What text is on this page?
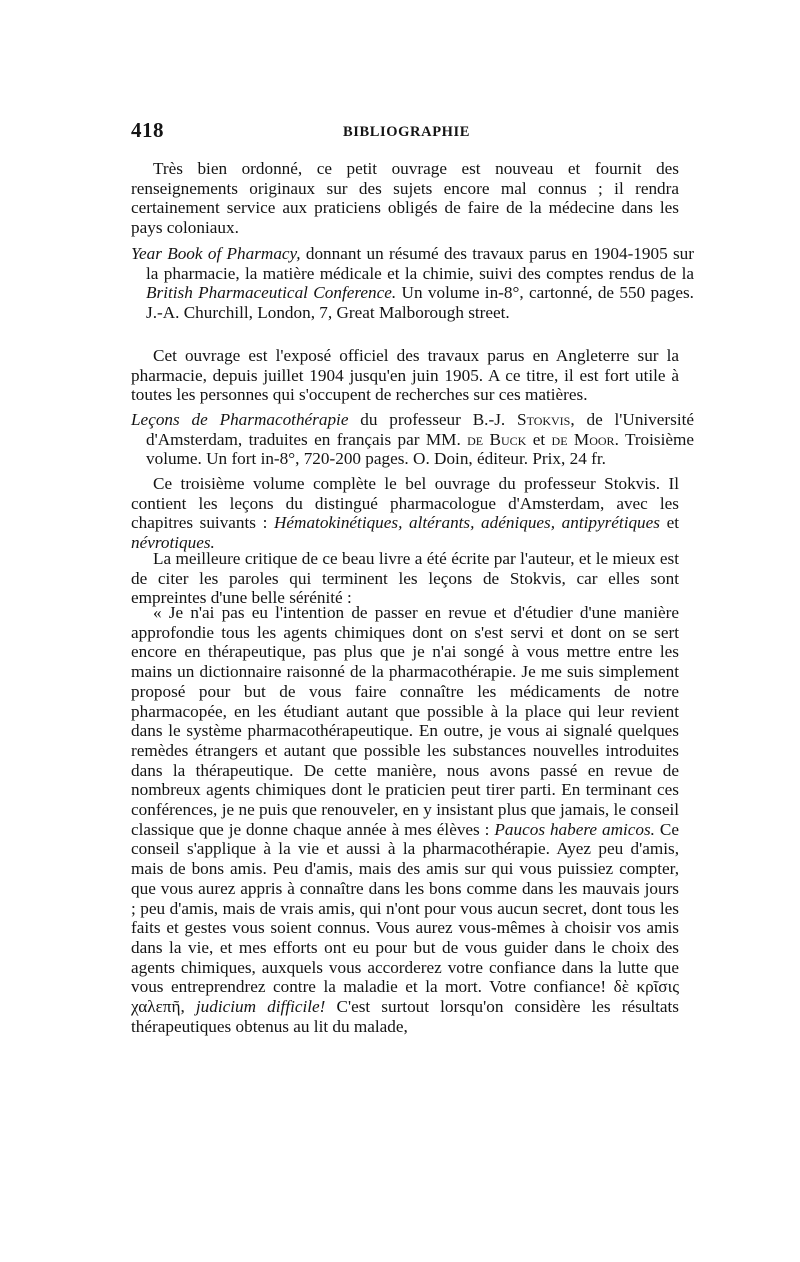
418	BIBLIOGRAPHIE

Très bien ordonné, ce petit ouvrage est nouveau et fournit des renseignements originaux sur des sujets encore mal connus ; il rendra certainement service aux praticiens obligés de faire de la médecine dans les pays coloniaux.

Year Book of Pharmacy, donnant un résumé des travaux parus en 1904-1905 sur la pharmacie, la matière médicale et la chimie, suivi des comptes rendus de la British Pharmaceutical Conference. Un volume in-8°, cartonné, de 550 pages. J.-A. Churchill, London, 7, Great Malborough street.

Cet ouvrage est l'exposé officiel des travaux parus en Angleterre sur la pharmacie, depuis juillet 1904 jusqu'en juin 1905. A ce titre, il est fort utile à toutes les personnes qui s'occupent de recherches sur ces matières.

Leçons de Pharmacothérapie du professeur B.-J. Stokvis, de l'Université d'Amsterdam, traduites en français par MM. de Buck et de Moor. Troisième volume. Un fort in-8°, 720-200 pages. O. Doin, éditeur. Prix, 24 fr.

Ce troisième volume complète le bel ouvrage du professeur Stokvis. Il contient les leçons du distingué pharmacologue d'Amsterdam, avec les chapitres suivants : Hématokinétiques, altérants, adéniques, antipyrétiques et névrotiques.

La meilleure critique de ce beau livre a été écrite par l'auteur, et le mieux est de citer les paroles qui terminent les leçons de Stokvis, car elles sont empreintes d'une belle sérénité :

« Je n'ai pas eu l'intention de passer en revue et d'étudier d'une manière approfondie tous les agents chimiques dont on s'est servi et dont on se sert encore en thérapeutique, pas plus que je n'ai songé à vous mettre entre les mains un dictionnaire raisonné de la pharmacothérapie. Je me suis simplement proposé pour but de vous faire connaître les médicaments de notre pharmacopée, en les étudiant autant que possible à la place qui leur revient dans le système pharmacothérapeutique. En outre, je vous ai signalé quelques remèdes étrangers et autant que possible les substances nouvelles introduites dans la thérapeutique. De cette manière, nous avons passé en revue de nombreux agents chimiques dont le praticien peut tirer parti. En terminant ces conférences, je ne puis que renouveler, en y insistant plus que jamais, le conseil classique que je donne chaque année à mes élèves : Paucos habere amicos. Ce conseil s'applique à la vie et aussi à la pharmacothérapie. Ayez peu d'amis, mais de bons amis. Peu d'amis, mais des amis sur qui vous puissiez compter, que vous aurez appris à connaître dans les bons comme dans les mauvais jours ; peu d'amis, mais de vrais amis, qui n'ont pour vous aucun secret, dont tous les faits et gestes vous soient connus. Vous aurez vous-mêmes à choisir vos amis dans la vie, et mes efforts ont eu pour but de vous guider dans le choix des agents chimiques, auxquels vous accorderez votre confiance dans la lutte que vous entreprendrez contre la maladie et la mort. Votre confiance! δὲ κρῖσις χαλεπῆ, judicium difficile! C'est surtout lorsqu'on considère les résultats thérapeutiques obtenus au lit du malade,
